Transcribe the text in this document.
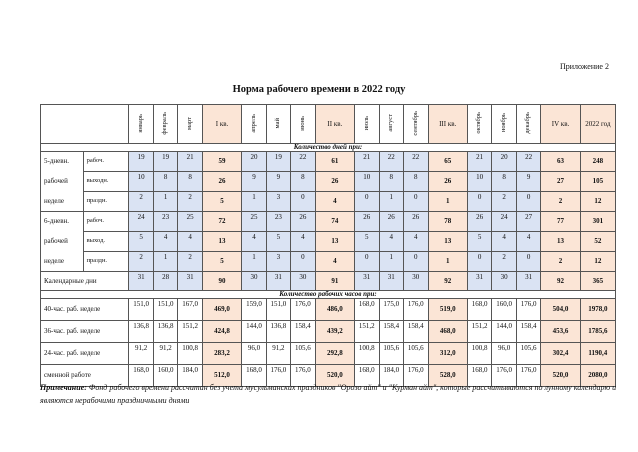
Приложение 2
Норма рабочего времени в 2022 году
		январь	февраль	март	I кв.	апрель	май	июнь	II кв.	июль	август	сентябрь	III кв.	октябрь	ноябрь	декабрь	IV кв.	2022 год
Количество дней при:																		
5-дневн.	рабоч.	19	19	21	59	20	19	22	61	21	22	22	65	21	20	22	63	248
рабочей	выходн.	10	8	8	26	9	9	8	26	10	8	8	26	10	8	9	27	105
неделе	праздн.	2	1	2	5	1	3	0	4	0	1	0	1	0	2	0	2	12
6-дневн.	рабоч.	24	23	25	72	25	23	26	74	26	26	26	78	26	24	27	77	301
рабочей	выход.	5	4	4	13	4	5	4	13	5	4	4	13	5	4	4	13	52
неделе	праздн.	2	1	2	5	1	3	0	4	0	1	0	1	0	2	0	2	12
Календарные дни		31	28	31	90	30	31	30	91	31	31	30	92	31	30	31	92	365
Количество рабочих часов при:																		
40-час. раб. неделе		151,0	151,0	167,0	469,0	159,0	151,0	176,0	486,0	168,0	175,0	176,0	519,0	168,0	160,0	176,0	504,0	1978,0
36-час. раб. неделе		136,8	136,8	151,2	424,8	144,0	136,8	158,4	439,2	151,2	158,4	158,4	468,0	151,2	144,0	158,4	453,6	1785,6
24-час. раб. неделе		91,2	91,2	100,8	283,2	96,0	91,2	105,6	292,8	100,8	105,6	105,6	312,0	100,8	96,0	105,6	302,4	1190,4
сменной работе		168,0	160,0	184,0	512,0	168,0	176,0	176,0	520,0	168,0	184,0	176,0	528,0	168,0	176,0	176,0	520,0	2080,0
Примечание: Фонд рабочего времени рассчитан без учета мусульманских праздников "Орозо айт" и "Курман айт", которые рассчитываются по лунному календарю и являются нерабочими праздничными днями
